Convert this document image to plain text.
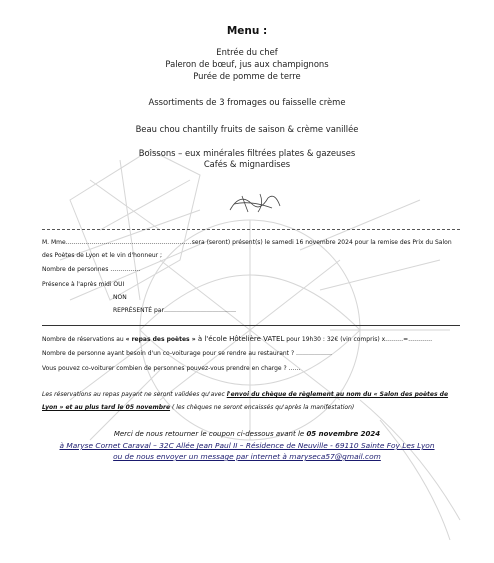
Menu :
Entrée du chef
Paleron de bœuf, jus aux champignons
Purée de pomme de terre
Assortiments de 3 fromages ou faisselle crème
Beau chou chantilly fruits de saison & crème vanillée
Boissons – eux minérales filtrées plates & gazeuses
Cafés & mignardises
M. Mme………………………………………………………sera (seront) présent(s) le samedi 16 novembre 2024 pour la remise des Prix du Salon
des Poètes de Lyon et le vin d'honneur ;
Nombre de personnes ……………
Présence à l'après midi OUI
NON
REPRÉSENTÉ par………………………………
Nombre de réservations au « repas des poètes » à l'école Hôtelière VATEL pour 19h30 : 32€ (vin compris) x………=…………
Nombre de personne ayant besoin d'un co-voiturage pour se rendre au restaurant ? ………………
Vous pouvez co-voiturer combien de personnes pouvez-vous prendre en charge ? ……
Les réservations au repas payant ne seront validées qu'avec l'envoi du chèque de règlement au nom du « Salon des poètes de
Lyon » et au plus tard le 05 novembre ( les chèques ne seront encaissés qu'après la manifestation)
Merci de nous retourner le coupon ci-dessous avant le 05 novembre 2024
à Maryse Cornet Caraval – 32C Allée Jean Paul II – Résidence de Neuville - 69110 Sainte Foy Les Lyon
ou de nous envoyer un message par internet à maryseca57@gmail.com
